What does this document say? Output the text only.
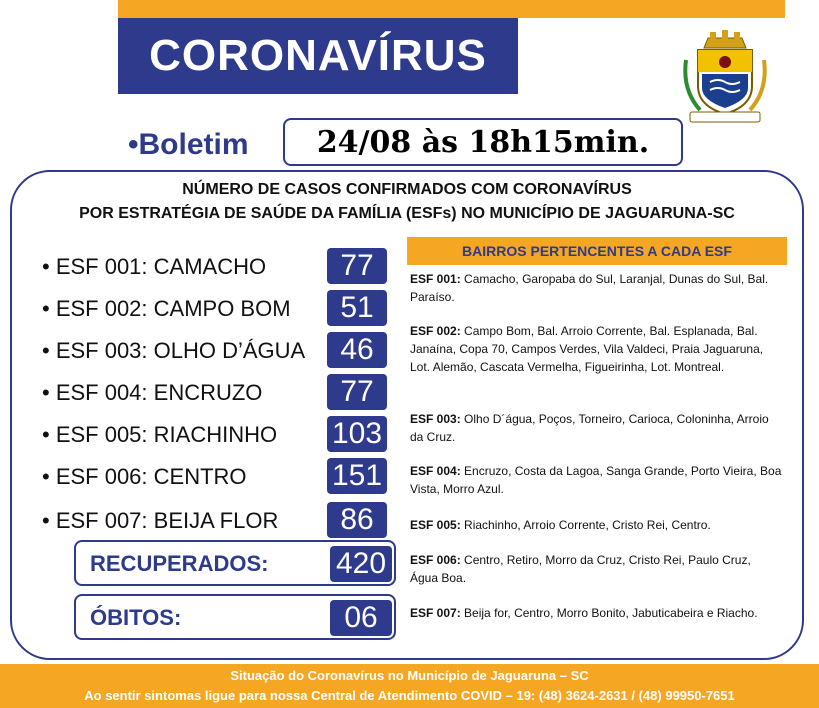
CORONAVÍRUS
•Boletim 24/08 às 18h15min.
NÚMERO DE CASOS CONFIRMADOS COM CORONAVÍRUS
POR ESTRATÉGIA DE SAÚDE DA FAMÍLIA (ESFs) NO MUNICÍPIO DE JAGUARUNA-SC
• ESF 001: CAMACHO	77
• ESF 002: CAMPO BOM	51
• ESF 003: OLHO D’ÁGUA	46
• ESF 004: ENCRUZO	77
• ESF 005: RIACHINHO 103
• ESF 006: CENTRO	151
• ESF 007: BEIJA FLOR	86
RECUPERADOS: 420
ÓBITOS:	06
BAIRROS PERTENCENTES A CADA ESF
ESF 001: Camacho, Garopaba do Sul, Laranjal, Dunas do Sul, Bal. Paraíso.
ESF 002: Campo Bom, Bal. Arroio Corrente, Bal. Esplanada, Bal. Janaína, Copa 70, Campos Verdes, Vila Valdeci, Praia Jaguaruna, Lot. Alemão, Cascata Vermelha, Figueirinha, Lot. Montreal.
ESF 003: Olho D´água, Poços, Torneiro, Carioca, Coloninha, Arroio da Cruz.
ESF 004: Encruzo, Costa da Lagoa, Sanga Grande, Porto Vieira, Boa Vista, Morro Azul.
ESF 005: Riachinho, Arroio Corrente, Cristo Rei, Centro.
ESF 006: Centro, Retiro, Morro da Cruz, Cristo Rei, Paulo Cruz, Água Boa.
ESF 007: Beija for, Centro, Morro Bonito, Jabuticabeira e Riacho.
Situação do Coronavírus no Município de Jaguaruna – SC
Ao sentir sintomas ligue para nossa Central de Atendimento COVID – 19: (48) 3624-2631 / (48) 99950-7651
